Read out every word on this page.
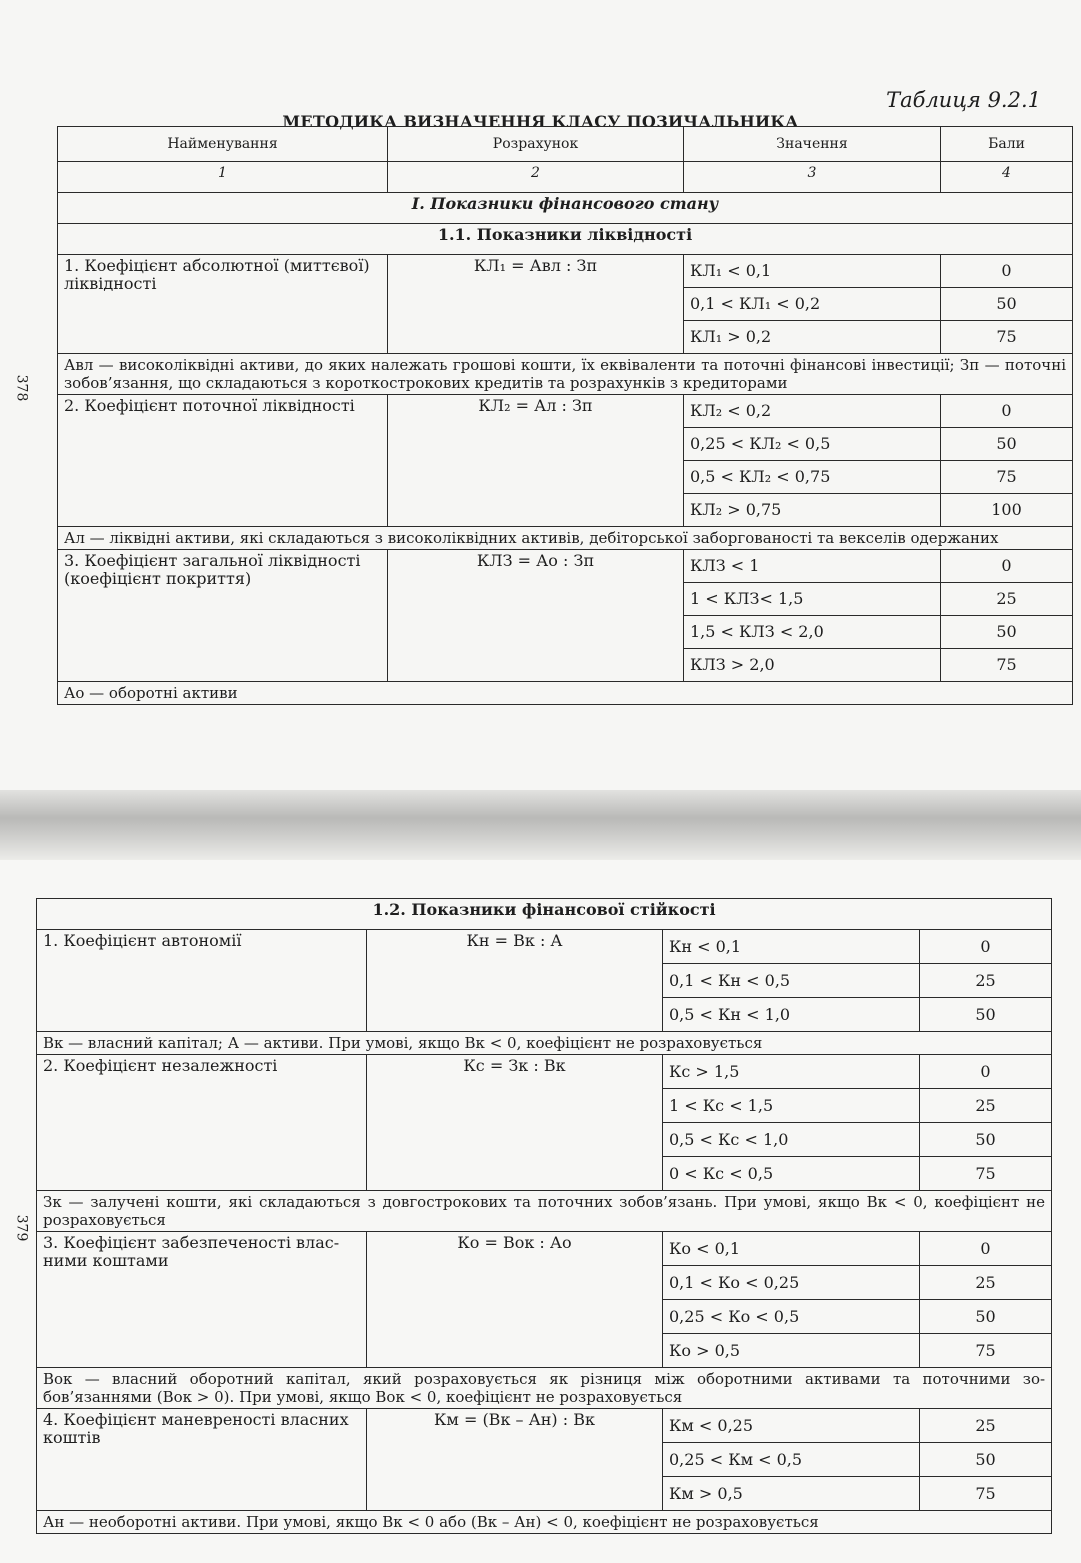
378
379
Таблиця 9.2.1
МЕТОДИКА ВИЗНАЧЕННЯ КЛАСУ ПОЗИЧАЛЬНИКА
Найменування	Розрахунок	Значення	Бали
1	2	3	4
І. Показники фінансового стану			
1.1. Показники ліквідності			
1. Коефіцієнт абсолютної (миттєвої) ліквідності	КЛ₁ = Авл : Зп	КЛ₁ < 0,1	0
		0,1 < КЛ₁ < 0,2	50
		КЛ₁ > 0,2	75
Авл — високоліквідні активи, до яких належать грошові кошти, їх еквіваленти та поточні фінансові інвестиції; Зп — поточні зобов’язання, що складаються з короткострокових кредитів та розрахунків з кредиторами			
2. Коефіцієнт поточної ліквідності	КЛ₂ = Ал : Зп	КЛ₂ < 0,2	0
		0,25 < КЛ₂ < 0,5	50
		0,5 < КЛ₂ < 0,75	75
		КЛ₂ > 0,75	100
Ал — ліквідні активи, які складаються з високоліквідних активів, дебіторської заборгованості та векселів одержаних			
3. Коефіцієнт загальної ліквідності (коефіцієнт покриття)	КЛЗ = Ао : Зп	КЛЗ < 1	0
		1 < КЛЗ< 1,5	25
		1,5 < КЛЗ < 2,0	50
		КЛЗ > 2,0	75
Ао — оборотні активи			
1.2. Показники фінансової стійкості			
1. Коефіцієнт автономії	Кн = Вк : А	Кн < 0,1	0
		0,1 < Кн < 0,5	25
		0,5 < Кн < 1,0	50
Вк — власний капітал; А — активи. При умові, якщо Вк < 0, коефіцієнт не розраховується			
2. Коефіцієнт незалежності	Кс = Зк : Вк	Кс > 1,5	0
		1 < Кс < 1,5	25
		0,5 < Кс < 1,0	50
		0 < Кс < 0,5	75
Зк — залучені кошти, які складаються з довгострокових та поточних зобов’язань. При умові, якщо Вк < 0, коефіцієнт не розраховується			
3. Коефіцієнт забезпеченості влас-ними коштами	Ко = Вок : Ао	Ко < 0,1	0
		0,1 < Ко < 0,25	25
		0,25 < Ко < 0,5	50
		Ко > 0,5	75
Вок — власний оборотний капітал, який розраховується як різниця між оборотними активами та поточними зо-бов’язаннями (Вок > 0). При умові, якщо Вок < 0, коефіцієнт не розраховується			
4. Коефіцієнт маневреності власних коштів	Км = (Вк – Ан) : Вк	Км < 0,25	25
		0,25 < Км < 0,5	50
		Км > 0,5	75
Ан — необоротні активи. При умові, якщо Вк < 0 або (Вк – Ан) < 0, коефіцієнт не розраховується			
